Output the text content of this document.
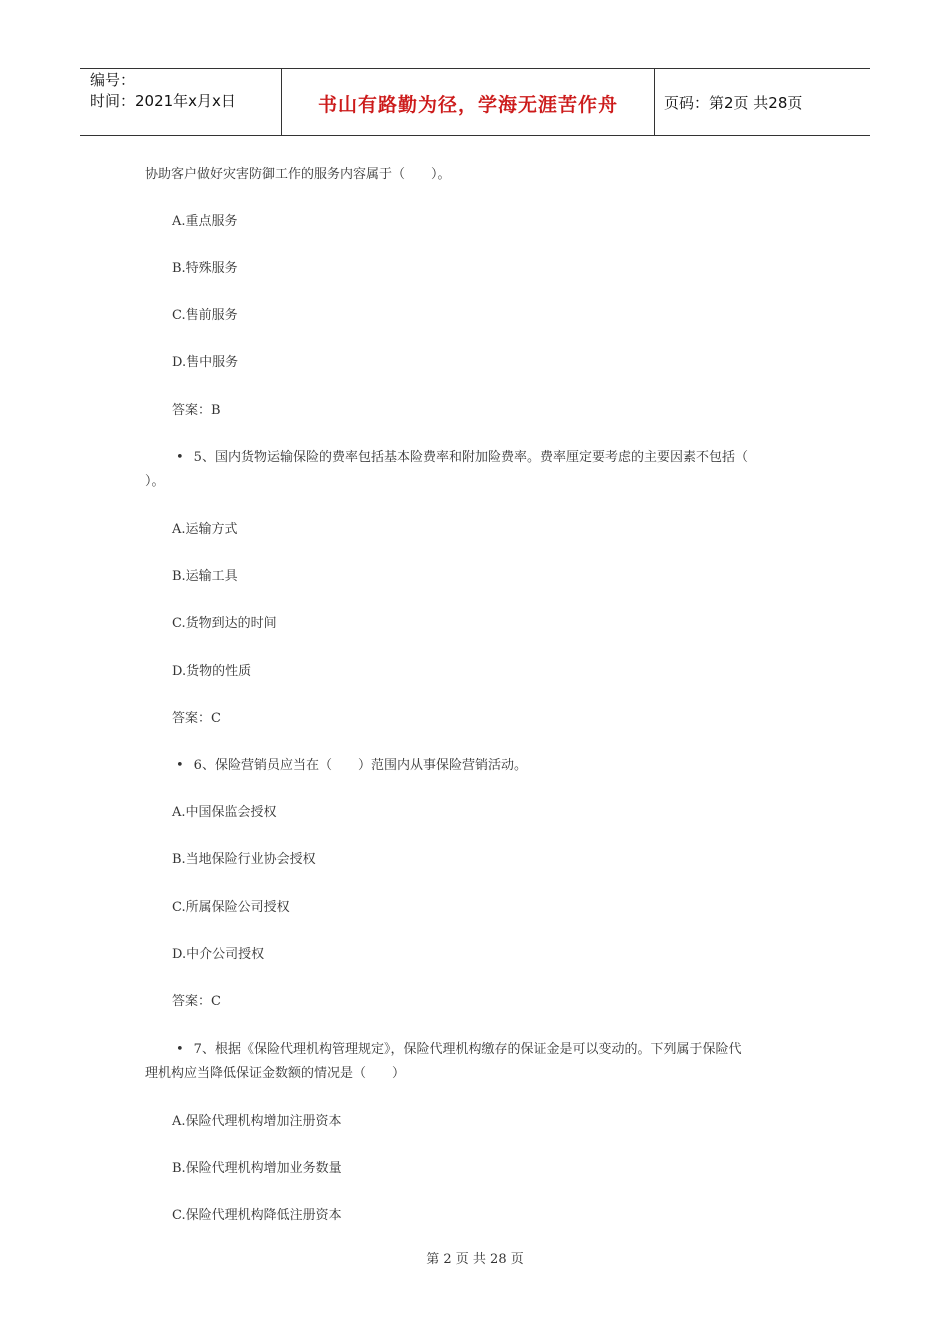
编号：
时间：2021年x月x日	书山有路勤为径，学海无涯苦作舟	页码：第2页 共28页
协助客户做好灾害防御工作的服务内容属于（　　）。
A.重点服务
B.特殊服务
C.售前服务
D.售中服务
答案：B
• 5、国内货物运输保险的费率包括基本险费率和附加险费率。费率厘定要考虑的主要因素不包括（
）。
A.运输方式
B.运输工具
C.货物到达的时间
D.货物的性质
答案：C
• 6、保险营销员应当在（　　）范围内从事保险营销活动。
A.中国保监会授权
B.当地保险行业协会授权
C.所属保险公司授权
D.中介公司授权
答案：C
• 7、根据《保险代理机构管理规定》，保险代理机构缴存的保证金是可以变动的。下列属于保险代
理机构应当降低保证金数额的情况是（　　）
A.保险代理机构增加注册资本
B.保险代理机构增加业务数量
C.保险代理机构降低注册资本
第 2 页 共 28 页
